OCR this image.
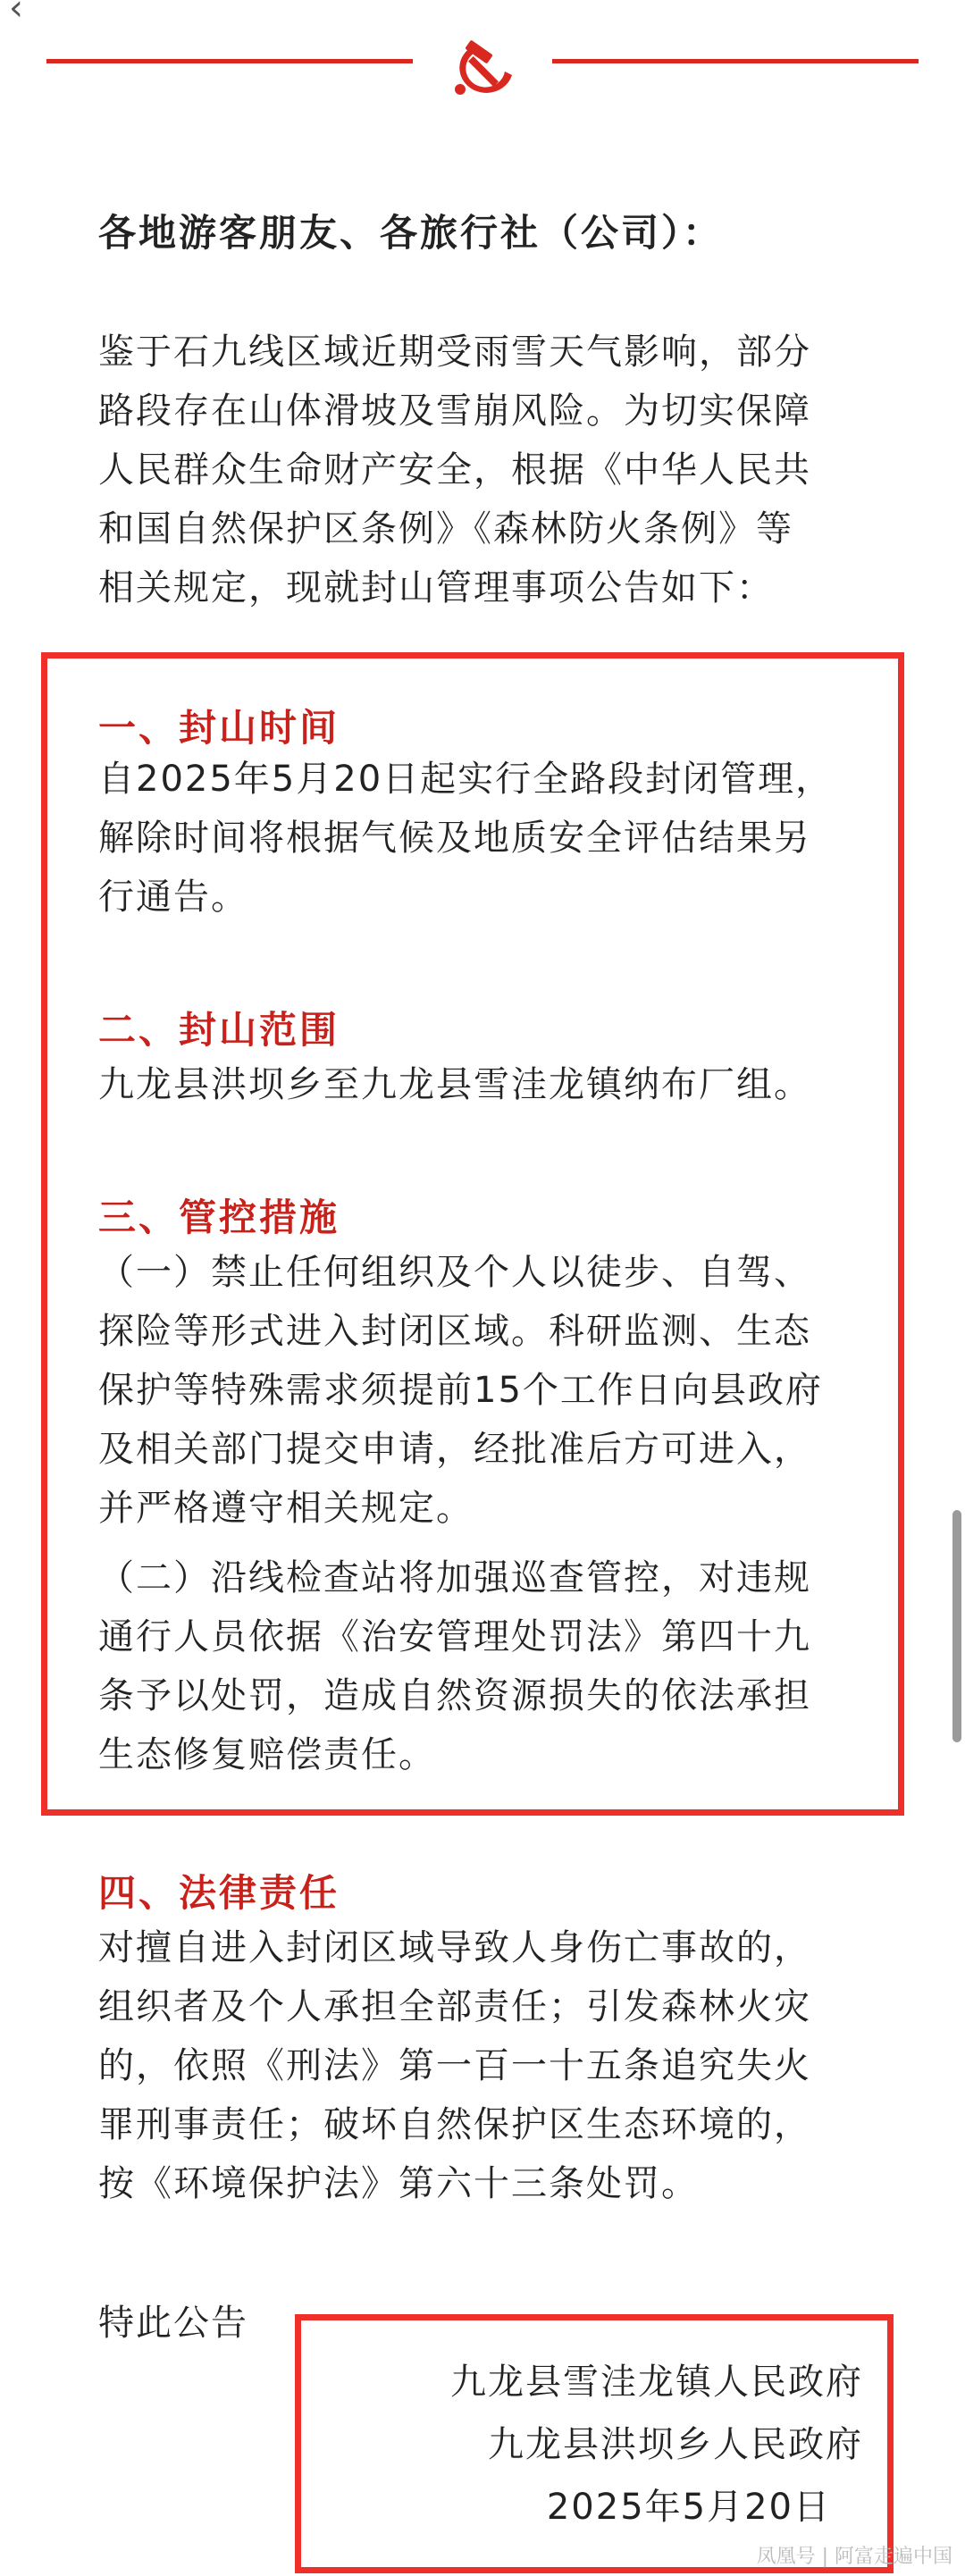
‹
各地游客朋友、各旅行社（公司）：
鉴于石九线区域近期受雨雪天气影响，部分
路段存在山体滑坡及雪崩风险。为切实保障
人民群众生命财产安全，根据《中华人民共
和国自然保护区条例》《森林防火条例》等
相关规定，现就封山管理事项公告如下：
一、封山时间
自2025年5月20日起实行全路段封闭管理，
解除时间将根据气候及地质安全评估结果另
行通告。
二、封山范围
九龙县洪坝乡至九龙县雪洼龙镇纳布厂组。
三、管控措施
（一）禁止任何组织及个人以徒步、自驾、
探险等形式进入封闭区域。科研监测、生态
保护等特殊需求须提前15个工作日向县政府
及相关部门提交申请，经批准后方可进入，
并严格遵守相关规定。
（二）沿线检查站将加强巡查管控，对违规
通行人员依据《治安管理处罚法》第四十九
条予以处罚，造成自然资源损失的依法承担
生态修复赔偿责任。
四、法律责任
对擅自进入封闭区域导致人身伤亡事故的，
组织者及个人承担全部责任；引发森林火灾
的，依照《刑法》第一百一十五条追究失火
罪刑事责任；破坏自然保护区生态环境的，
按《环境保护法》第六十三条处罚。
特此公告
九龙县雪洼龙镇人民政府
九龙县洪坝乡人民政府
2025年5月20日
凤凰号 | 阿富走遍中国
